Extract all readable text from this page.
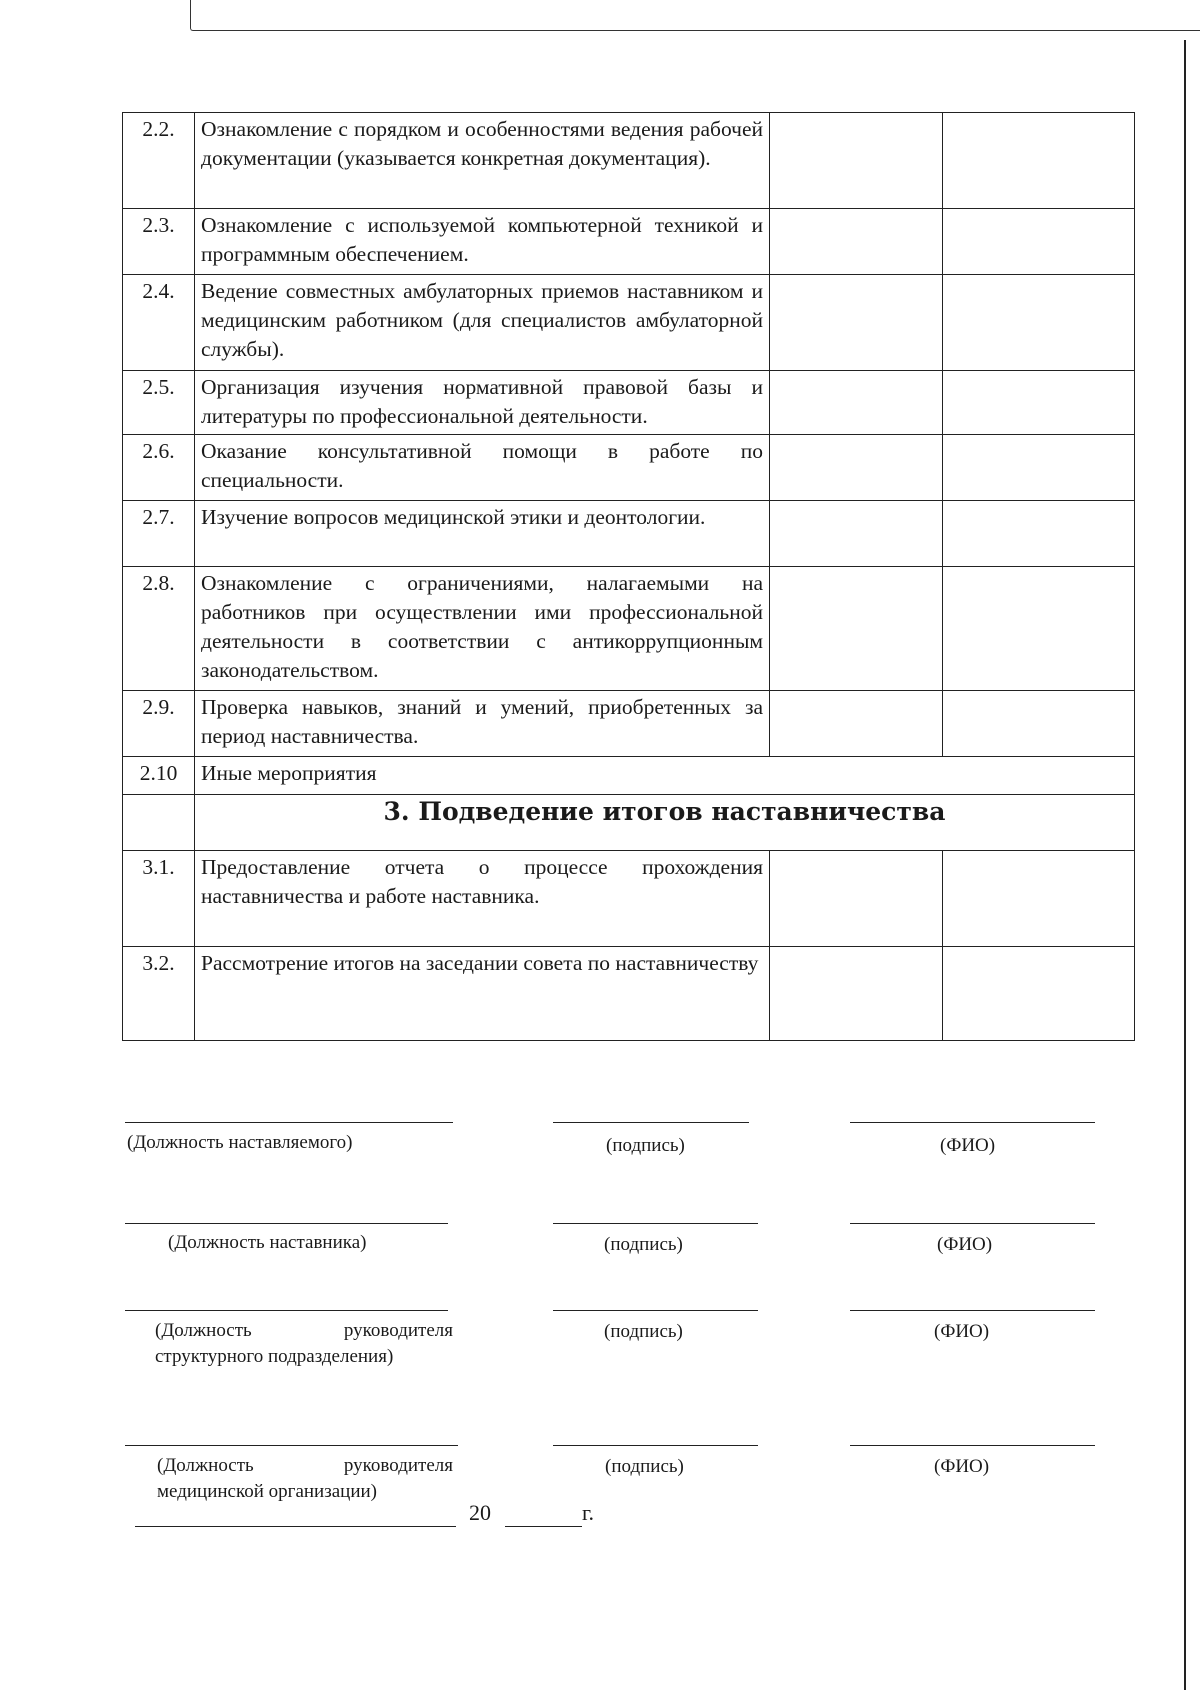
2.2.	Ознакомление с порядком и особенностями ведения рабочей документации (указывается конкретная документация).		
2.3.	Ознакомление с используемой компьютерной техникой и программным обеспечением.		
2.4.	Ведение совместных амбулаторных приемов наставником и медицинским работником (для специалистов амбулаторной службы).		
2.5.	Организация изучения нормативной правовой базы и литературы по профессиональной деятельности.		
2.6.	Оказание консультативной помощи в работе по специальности.		
2.7.	Изучение вопросов медицинской этики и деонтологии.		
2.8.	Ознакомление с ограничениями, налагаемыми на работников при осуществлении ими профессиональной деятельности в соответствии с антикоррупционным законодательством.		
2.9.	Проверка навыков, знаний и умений, приобретенных за период наставничества.		
2.10	Иные мероприятия		
	3. Подведение итогов наставничества		
3.1.	Предоставление отчета о процессе прохождения наставничества и работе наставника.		
3.2.	Рассмотрение итогов на заседании совета по наставничеству		
(Должность наставляемого)	(подпись)	(ФИО)
(Должность наставника)	(подпись)	(ФИО)
(Должность руководителя
структурного подразделения)
(подпись)	(ФИО)
(Должность руководителя
медицинской организации)
(подпись)	(ФИО)
20	г.
